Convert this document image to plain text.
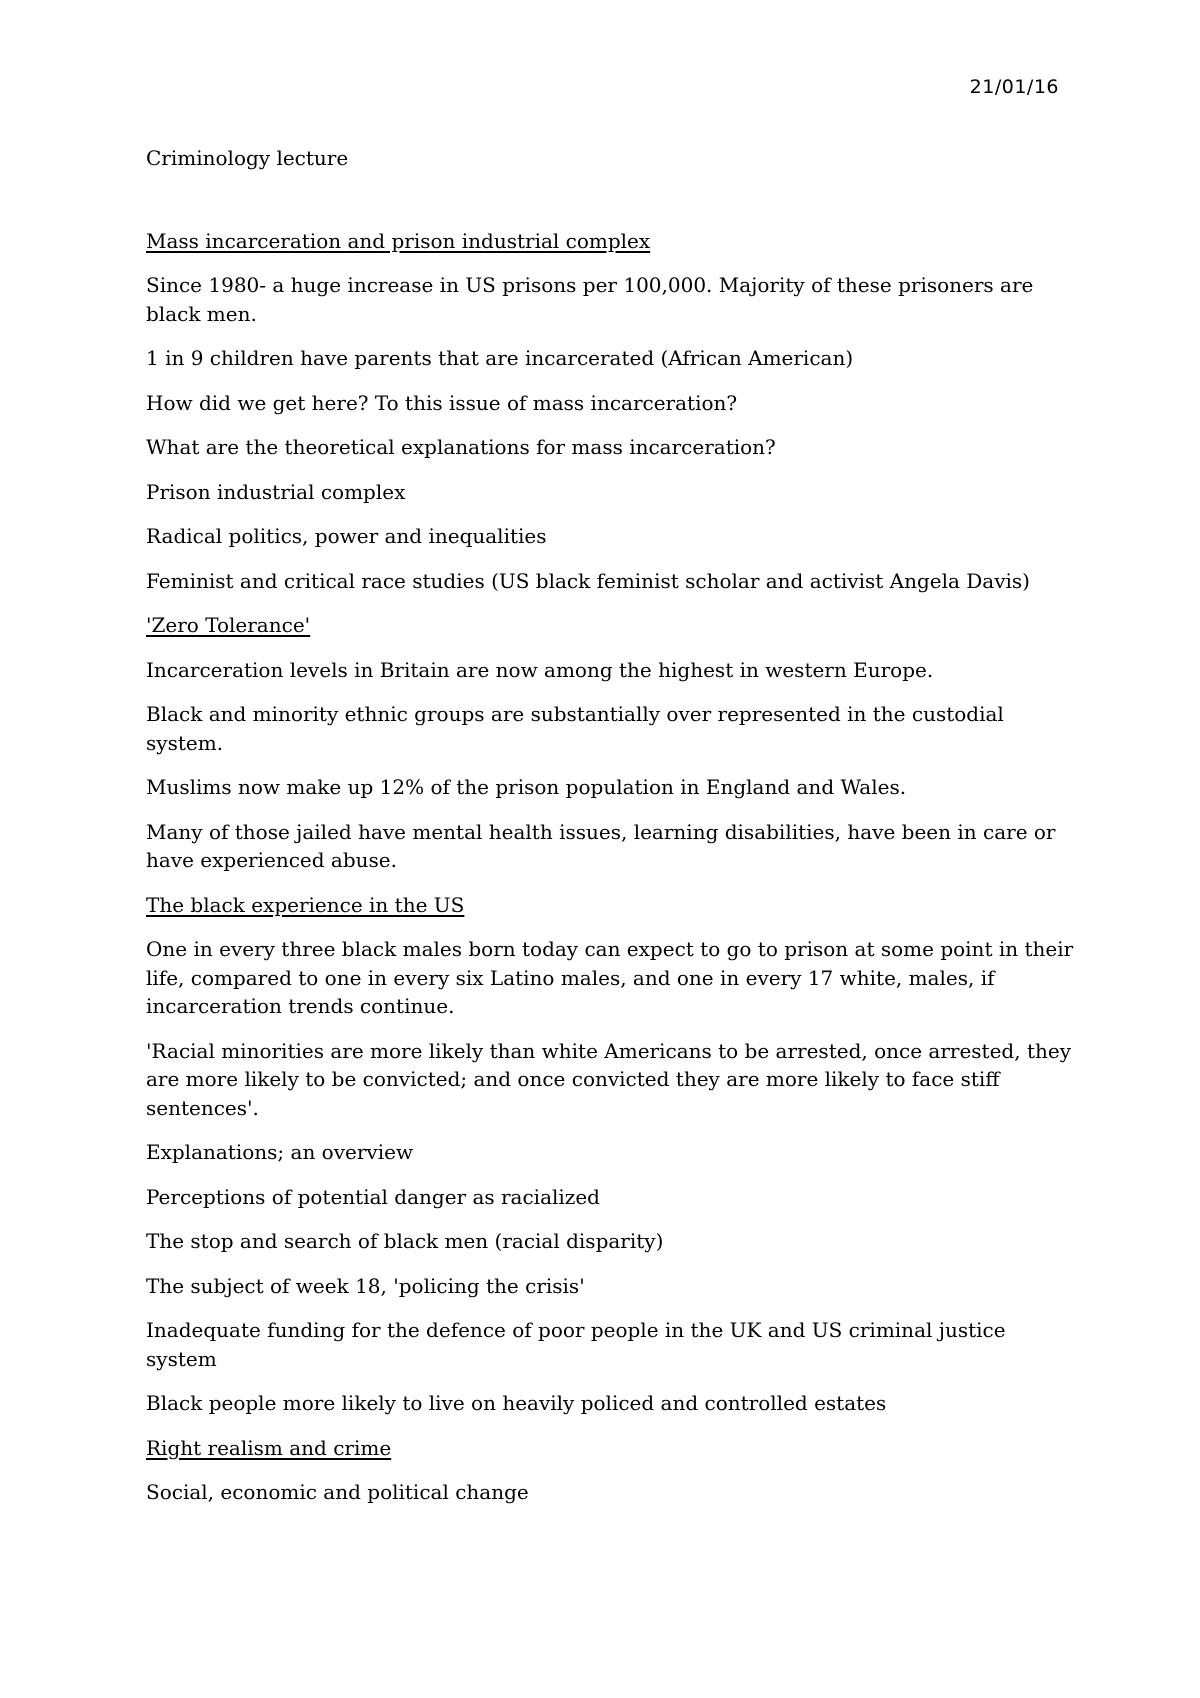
21/01/16

Criminology lecture

Mass incarceration and prison industrial complex

Since 1980- a huge increase in US prisons per 100,000. Majority of these prisoners are black men.

1 in 9 children have parents that are incarcerated (African American)

How did we get here? To this issue of mass incarceration?

What are the theoretical explanations for mass incarceration?

Prison industrial complex

Radical politics, power and inequalities

Feminist and critical race studies (US black feminist scholar and activist Angela Davis)

'Zero Tolerance'

Incarceration levels in Britain are now among the highest in western Europe.

Black and minority ethnic groups are substantially over represented in the custodial system.

Muslims now make up 12% of the prison population in England and Wales.

Many of those jailed have mental health issues, learning disabilities, have been in care or have experienced abuse.

The black experience in the US

One in every three black males born today can expect to go to prison at some point in their life, compared to one in every six Latino males, and one in every 17 white, males, if incarceration trends continue.

'Racial minorities are more likely than white Americans to be arrested, once arrested, they are more likely to be convicted; and once convicted they are more likely to face stiff sentences'.

Explanations; an overview

Perceptions of potential danger as racialized

The stop and search of black men (racial disparity)

The subject of week 18, 'policing the crisis'

Inadequate funding for the defence of poor people in the UK and US criminal justice system

Black people more likely to live on heavily policed and controlled estates

Right realism and crime

Social, economic and political change
